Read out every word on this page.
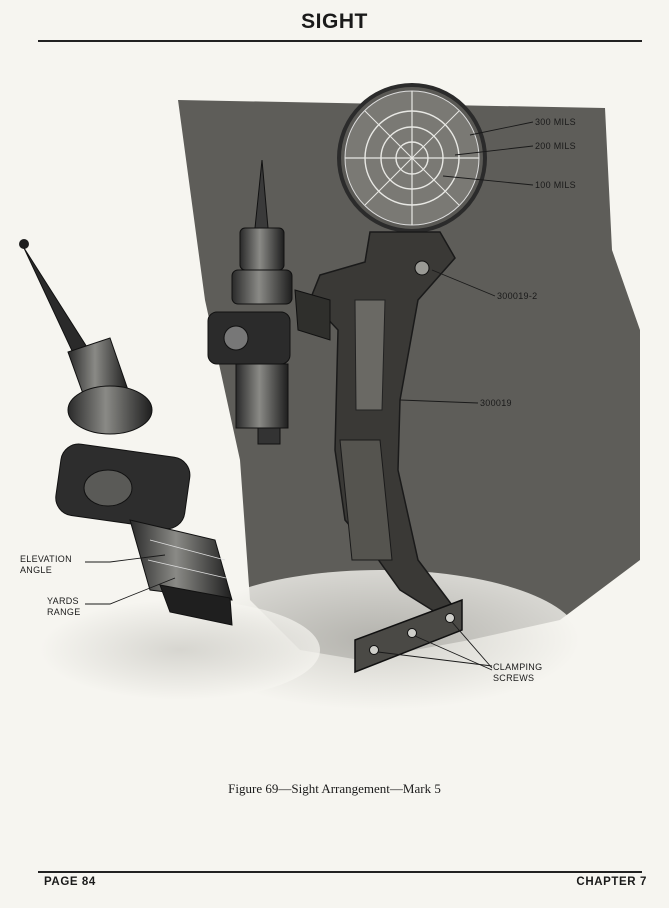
SIGHT
300 MILS
200 MILS
100 MILS
300019-2
300019
ELEVATION
ANGLE
YARDS
RANGE
CLAMPING
SCREWS
Figure 69—Sight Arrangement—Mark 5
PAGE 84	CHAPTER 7
